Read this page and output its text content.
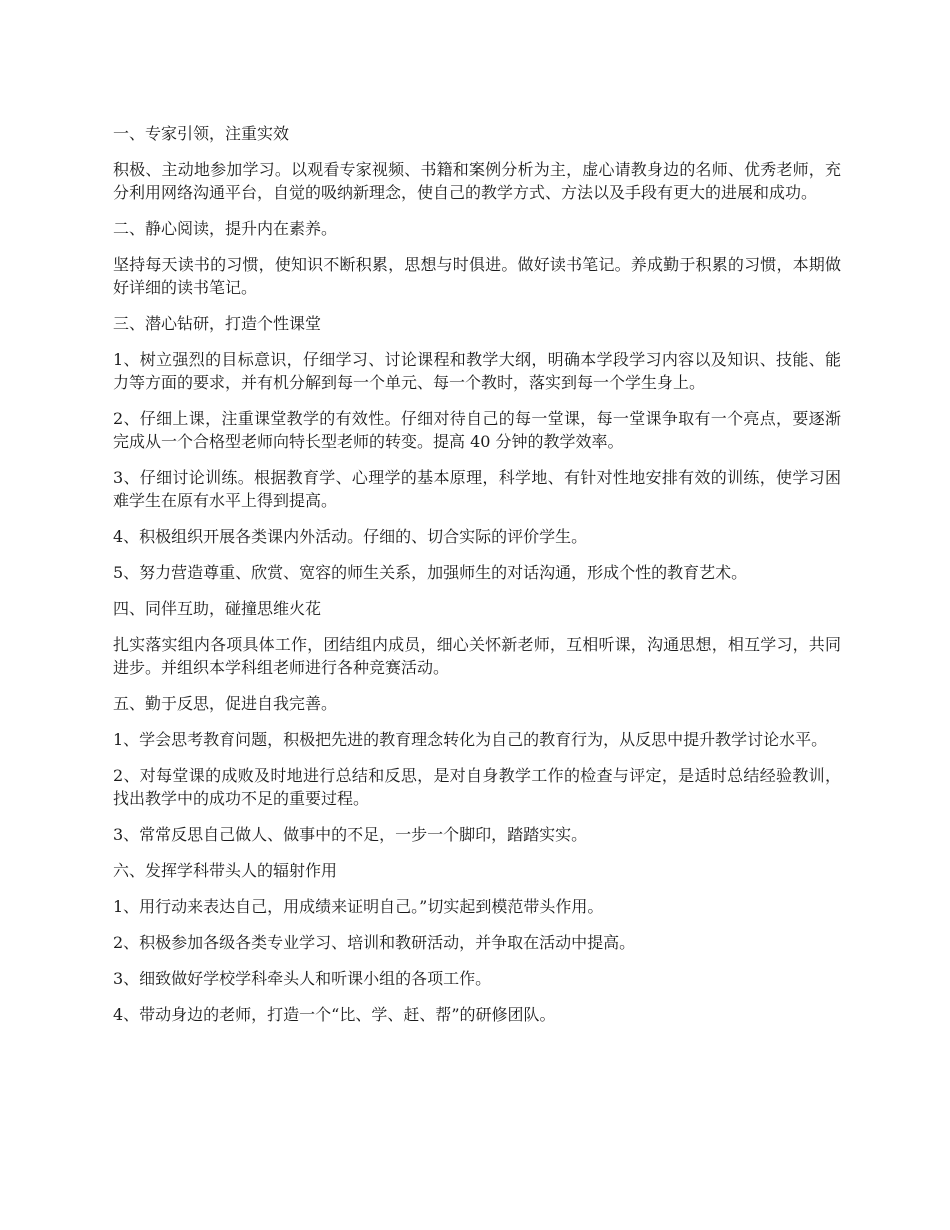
一、专家引领，注重实效

积极、主动地参加学习。以观看专家视频、书籍和案例分析为主，虚心请教身边的名师、优秀老师，充分利用网络沟通平台，自觉的吸纳新理念，使自己的教学方式、方法以及手段有更大的进展和成功。

二、静心阅读，提升内在素养。

坚持每天读书的习惯，使知识不断积累，思想与时俱进。做好读书笔记。养成勤于积累的习惯，本期做好详细的读书笔记。

三、潜心钻研，打造个性课堂

1、树立强烈的目标意识，仔细学习、讨论课程和教学大纲，明确本学段学习内容以及知识、技能、能力等方面的要求，并有机分解到每一个单元、每一个教时，落实到每一个学生身上。

2、仔细上课，注重课堂教学的有效性。仔细对待自己的每一堂课，每一堂课争取有一个亮点，要逐渐完成从一个合格型老师向特长型老师的转变。提高 40 分钟的教学效率。

3、仔细讨论训练。根据教育学、心理学的基本原理，科学地、有针对性地安排有效的训练，使学习困难学生在原有水平上得到提高。

4、积极组织开展各类课内外活动。仔细的、切合实际的评价学生。

5、努力营造尊重、欣赏、宽容的师生关系，加强师生的对话沟通，形成个性的教育艺术。

四、同伴互助，碰撞思维火花

扎实落实组内各项具体工作，团结组内成员，细心关怀新老师，互相听课，沟通思想，相互学习，共同进步。并组织本学科组老师进行各种竞赛活动。

五、勤于反思，促进自我完善。

1、学会思考教育问题，积极把先进的教育理念转化为自己的教育行为，从反思中提升教学讨论水平。

2、对每堂课的成败及时地进行总结和反思，是对自身教学工作的检查与评定，是适时总结经验教训，找出教学中的成功不足的重要过程。

3、常常反思自己做人、做事中的不足，一步一个脚印，踏踏实实。

六、发挥学科带头人的辐射作用

1、用行动来表达自己，用成绩来证明自己。”切实起到模范带头作用。

2、积极参加各级各类专业学习、培训和教研活动，并争取在活动中提高。

3、细致做好学校学科牵头人和听课小组的各项工作。

4、带动身边的老师，打造一个“比、学、赶、帮”的研修团队。
